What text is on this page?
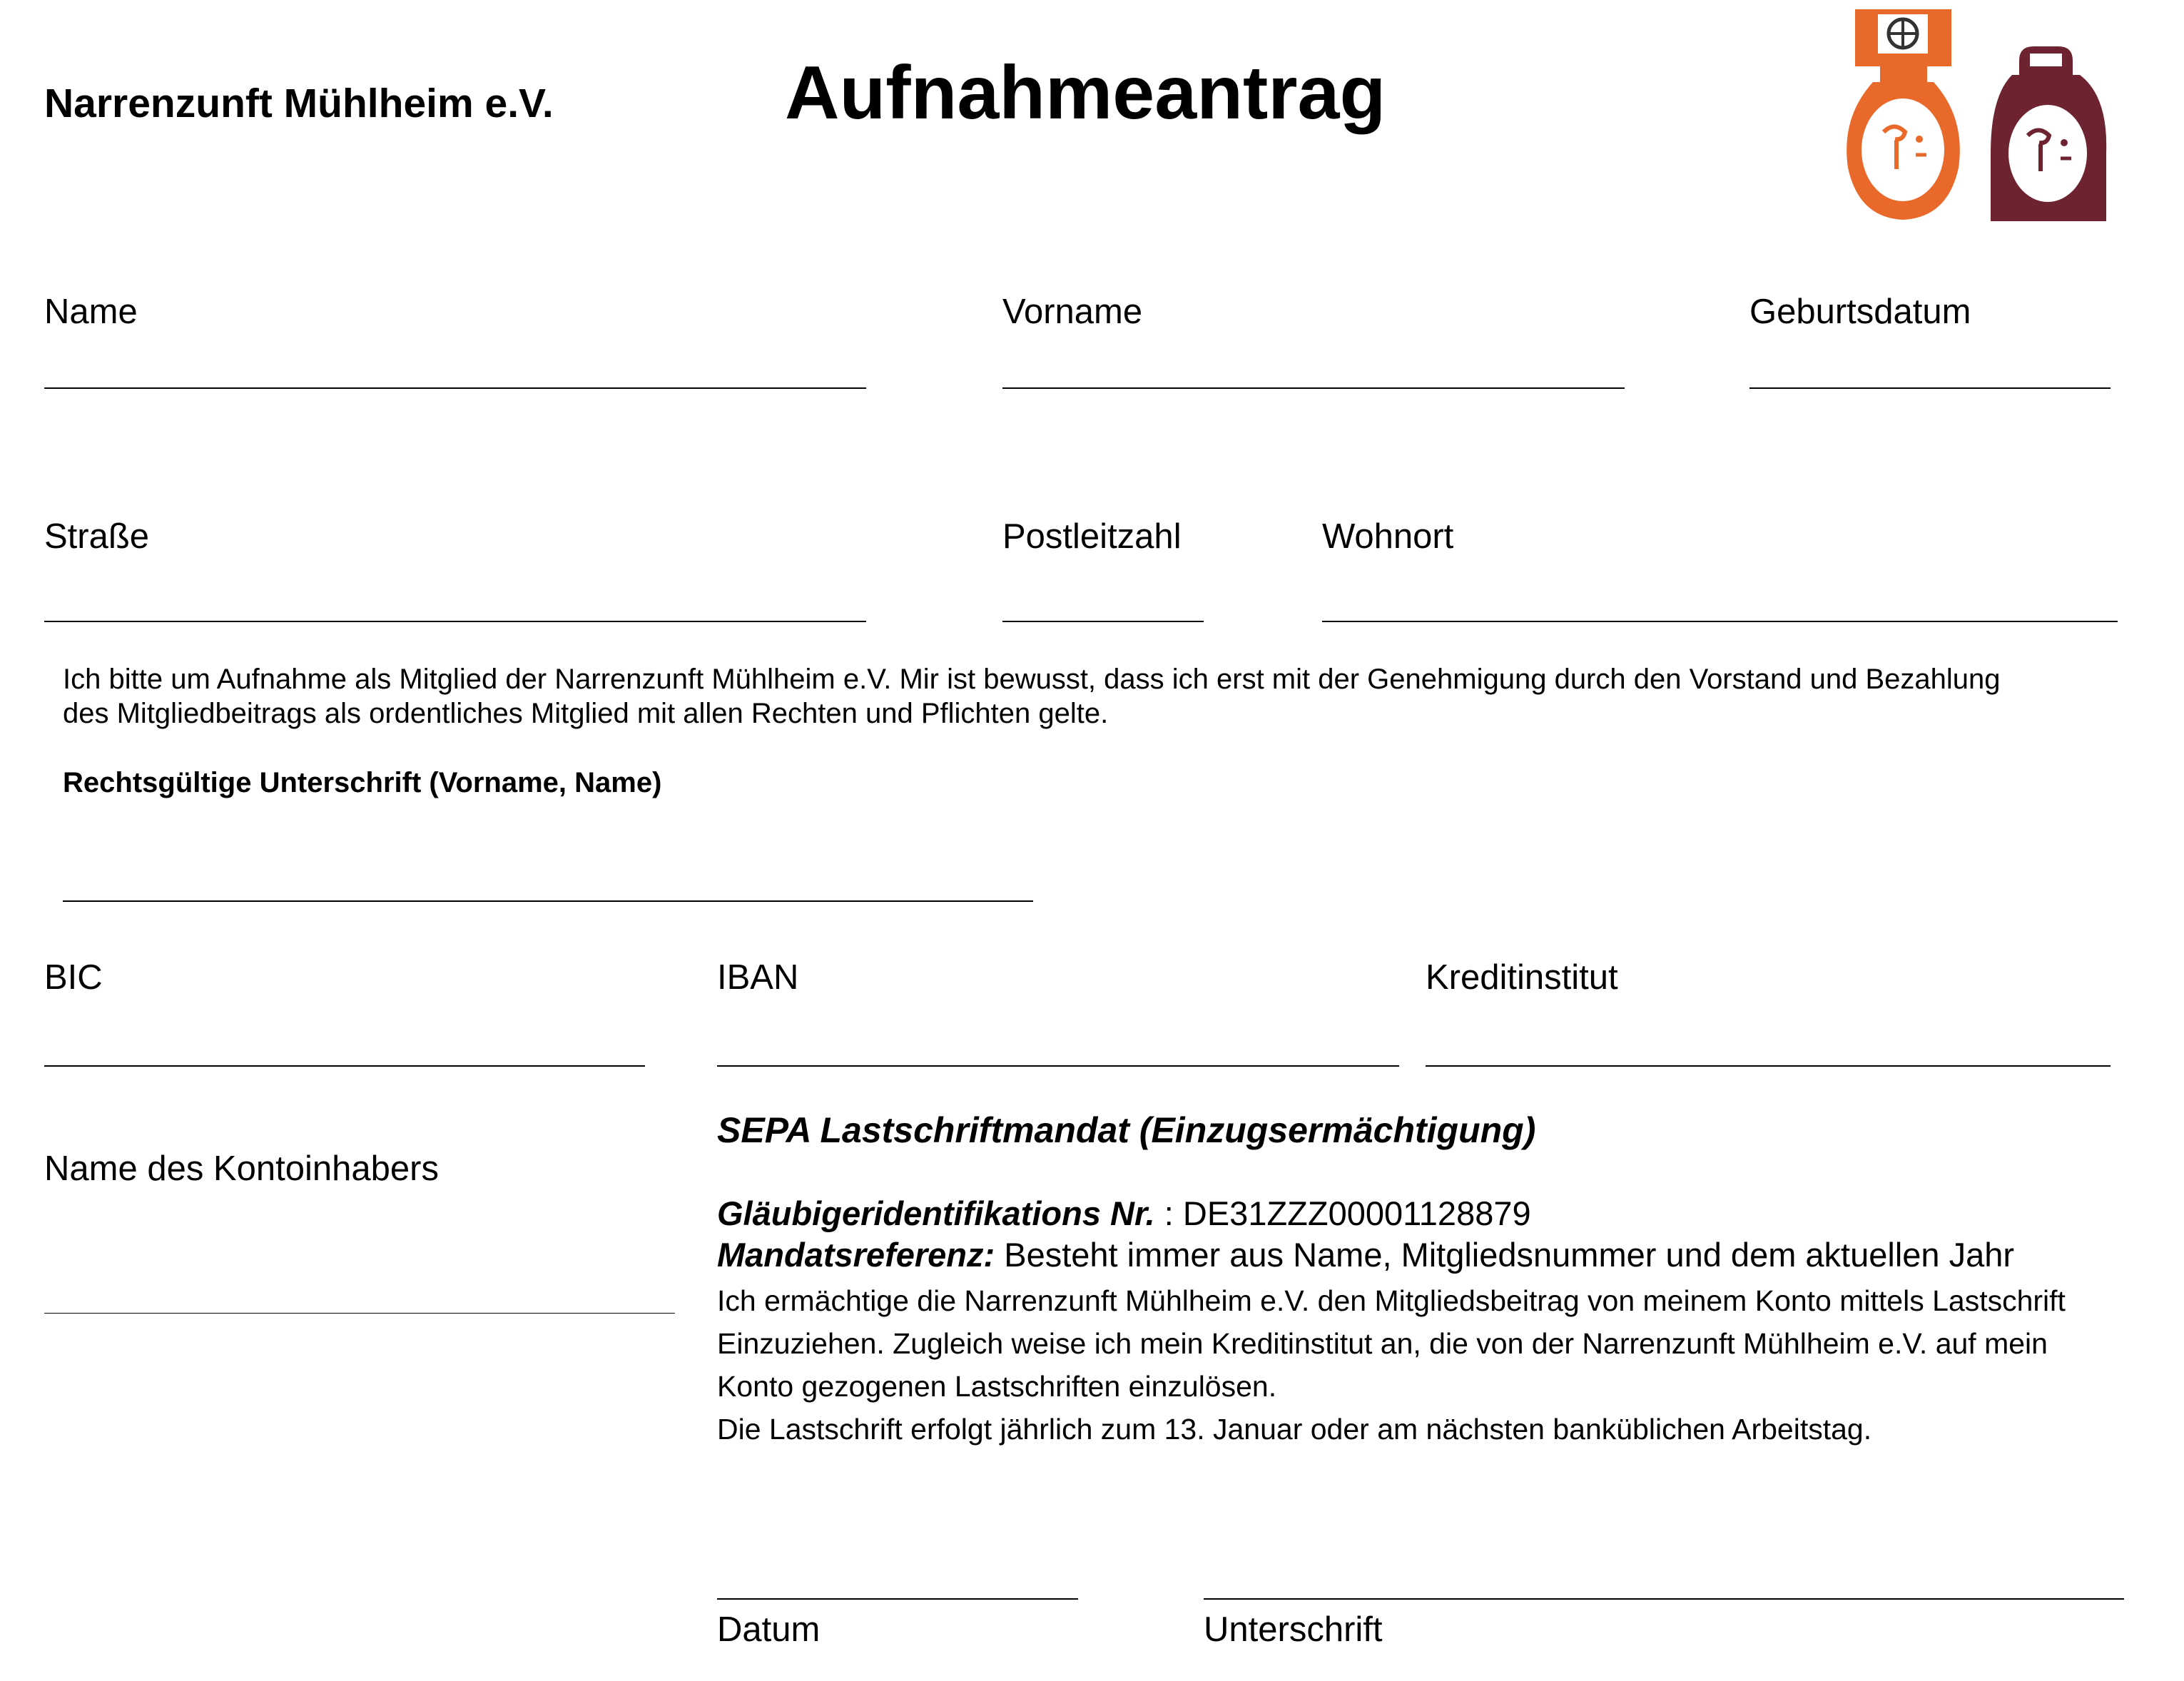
Narrenzunft Mühlheim e.V.	Aufnahmeantrag
Name	Vorname	Geburtsdatum
Straße	Postleitzahl	Wohnort
Ich bitte um Aufnahme als Mitglied der Narrenzunft Mühlheim e.V. Mir ist bewusst, dass ich erst mit der Genehmigung durch den Vorstand und Bezahlung
des Mitgliedbeitrags als ordentliches Mitglied mit allen Rechten und Pflichten gelte.
Rechtsgültige Unterschrift (Vorname, Name)
BIC	IBAN	Kreditinstitut
Name des Kontoinhabers
SEPA Lastschriftmandat (Einzugsermächtigung)
Gläubigeridentifikations Nr. : DE31ZZZ00001128879
Mandatsreferenz: Besteht immer aus Name, Mitgliedsnummer und dem aktuellen Jahr
Ich ermächtige die Narrenzunft Mühlheim e.V. den Mitgliedsbeitrag von meinem Konto mittels Lastschrift
Einzuziehen. Zugleich weise ich mein Kreditinstitut an, die von der Narrenzunft Mühlheim e.V. auf mein
Konto gezogenen Lastschriften einzulösen.
Die Lastschrift erfolgt jährlich zum 13. Januar oder am nächsten banküblichen Arbeitstag.
Datum	Unterschrift
